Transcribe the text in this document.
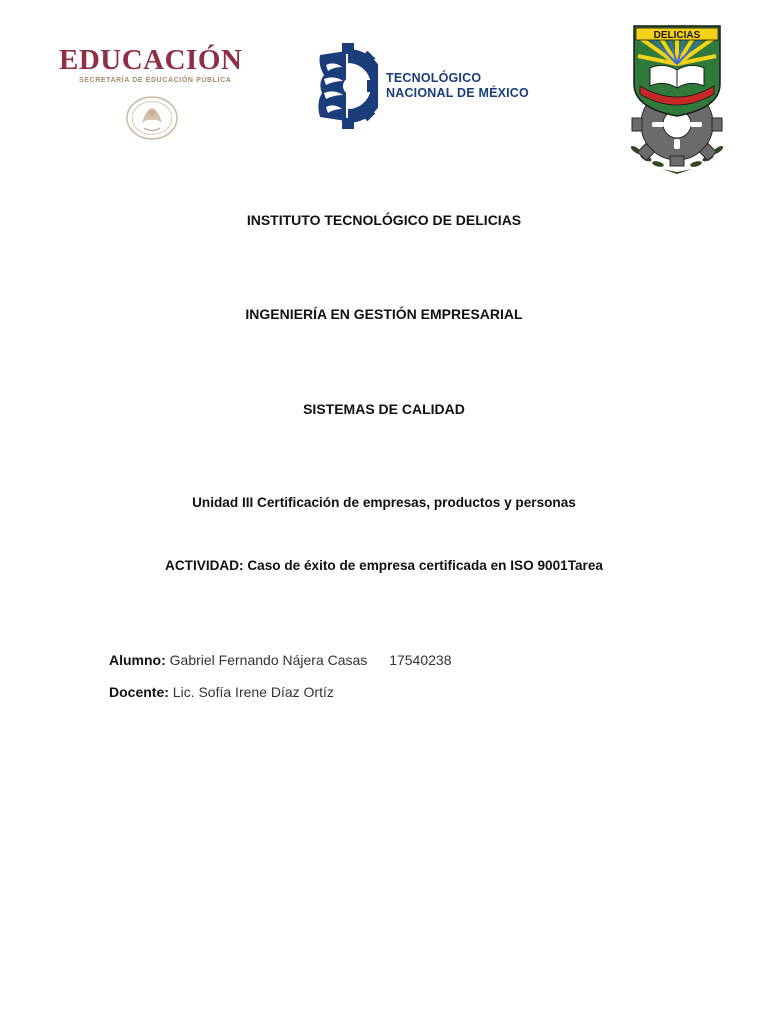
EDUCACIÓN
SECRETARÍA DE EDUCACIÓN PÚBLICA	TECNOLÓGICO
NACIONAL DE MÉXICO
DELICIAS
INSTITUTO TECNOLÓGICO DE DELICIAS
INGENIERÍA EN GESTIÓN EMPRESARIAL
SISTEMAS DE CALIDAD
Unidad III Certificación de empresas, productos y personas
ACTIVIDAD: Caso de éxito de empresa certificada en ISO 9001Tarea
Alumno: Gabriel Fernando Nájera Casas 17540238
Docente: Lic. Sofía Irene Díaz Ortíz
